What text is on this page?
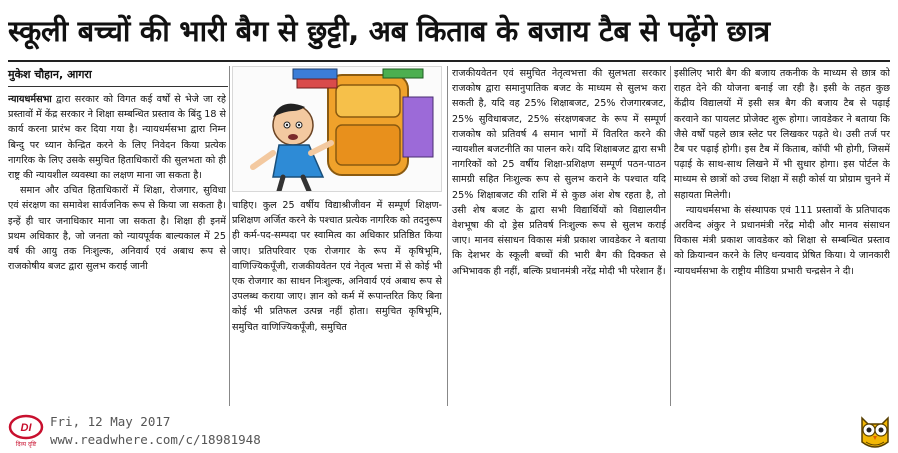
स्कूली बच्चों की भारी बैग से छुट्टी, अब किताब के बजाय टैब से पढ़ेंगे छात्र
मुकेश चौहान, आगरा

न्यायधर्मसभा द्वारा सरकार को विगत कई वर्षों से भेजे जा रहे प्रस्तावों में केंद्र सरकार ने शिक्षा सम्बन्धित प्रस्ताव के बिंदु 18 से कार्य करना प्रारंभ कर दिया गया है। न्यायधर्मसभा द्वारा निम्न बिन्दु पर ध्यान केन्द्रित करने के लिए निवेदन किया प्रत्येक नागरिक के लिए उसके समुचित हिताधिकारों की सुलभता को ही राष्ट्र की न्यायशील व्यवस्था का लक्षण माना जा सकता है।

समान और उचित हिताधिकारों में शिक्षा, रोजगार, सुविधा एवं संरक्षण का समावेश सार्वजनिक रूप से किया जा सकता है। इन्हें ही चार जनाधिकार माना जा सकता है। शिक्षा ही इनमें प्रथम अधिकार है, जो जनता को न्यायपूर्वक बाल्यकाल में 25 वर्ष की आयु तक निःशुल्क, अनिवार्य एवं अबाध रूप से राजकोषीय बजट द्वारा सुलभ कराई जानी

चाहिए। कुल 25 वर्षीय विद्याश्रीजीवन में सम्पूर्ण शिक्षण-प्रशिक्षण अर्जित करने के पश्चात प्रत्येक नागरिक को तदनुरूप ही कर्म-पद-सम्पदा पर स्वामित्व का अधिकार प्रतिष्ठित किया जाए। प्रतिपरिवार एक रोजगार के रूप में कृषिभूमि, वाणिज्यिकपूँजी, राजकीयवेतन एवं नेतृत्व भत्ता में से कोई भी एक रोजगार का साधन निःशुल्क, अनिवार्य एवं अबाध रूप से उपलब्ध कराया जाए। ज्ञान को कर्म में रूपान्तरित किए बिना कोई भी प्रतिफल उत्पन्न नहीं होता। समुचित कृषिभूमि, समुचित वाणिज्यिकपूँजी, समुचित

राजकीयवेतन एवं समुचित नेतृत्वभत्ता की सुलभता सरकार राजकोष द्वारा समानुपातिक बजट के माध्यम से सुलभ करा सकती है, यदि वह 25% शिक्षाबजट, 25% रोजगारबजट, 25% सुविधाबजट, 25% संरक्षणबजट के रूप में सम्पूर्ण राजकोष को प्रतिवर्ष 4 समान भागों में वितरित करने की न्यायशील बजटनीति का पालन करे। यदि शिक्षाबजट द्वारा सभी नागरिकों को 25 वर्षीय शिक्षा-प्रशिक्षण सम्पूर्ण पठन-पाठन सामग्री सहित निःशुल्क रूप से सुलभ कराने के पश्चात यदि 25% शिक्षाबजट की राशि में से कुछ अंश शेष रहता है, तो उसी शेष बजट के द्वारा सभी विद्यार्थियों को विद्यालयीन वेशभूषा की दो ड्रेस प्रतिवर्ष निःशुल्क रूप से सुलभ कराई जाए। मानव संसाधन विकास मंत्री प्रकाश जावडेकर ने बताया कि देशभर के स्कूली बच्चों की भारी बैग की दिक्कत से अभिभावक ही नहीं, बल्कि प्रधानमंत्री नरेंद्र मोदी भी परेशान हैं।

इसीलिए भारी बैग की बजाय तकनीक के माध्यम से छात्र को राहत देने की योजना बनाई जा रही है। इसी के तहत कुछ केंद्रीय विद्यालयों में इसी सत्र बैग की बजाय टैब से पढ़ाई करवाने का पायलट प्रोजेक्ट शुरू होगा। जावडेकर ने बताया कि जैसे वर्षों पहले छात्र स्लेट पर लिखकर पढ़ते थे। उसी तर्ज पर टैब पर पढ़ाई होगी। इस टैब में किताब, कॉपी भी होगी, जिसमें पढ़ाई के साथ-साथ लिखने में भी सुधार होगा। इस पोर्टल के माध्यम से छात्रों को उच्च शिक्षा में सही कोर्स या प्रोग्राम चुनने में सहायता मिलेगी।

न्यायधर्मसभा के संस्थापक एवं 111 प्रस्तावों के प्रतिपादक अरविन्द अंकुर ने प्रधानमंत्री नरेंद्र मोदी और मानव संसाधन विकास मंत्री प्रकाश जावडेकर को शिक्षा से सम्बन्धित प्रस्ताव को क्रियान्वन करने के लिए धन्यवाद प्रेषित किया। ये जानकारी न्यायधर्मसभा के राष्ट्रीय मीडिया प्रभारी चन्द्रसेन ने दी।

DI
दिव्य दृष्टि
Fri, 12 May 2017
www.readwhere.com/c/18981948
